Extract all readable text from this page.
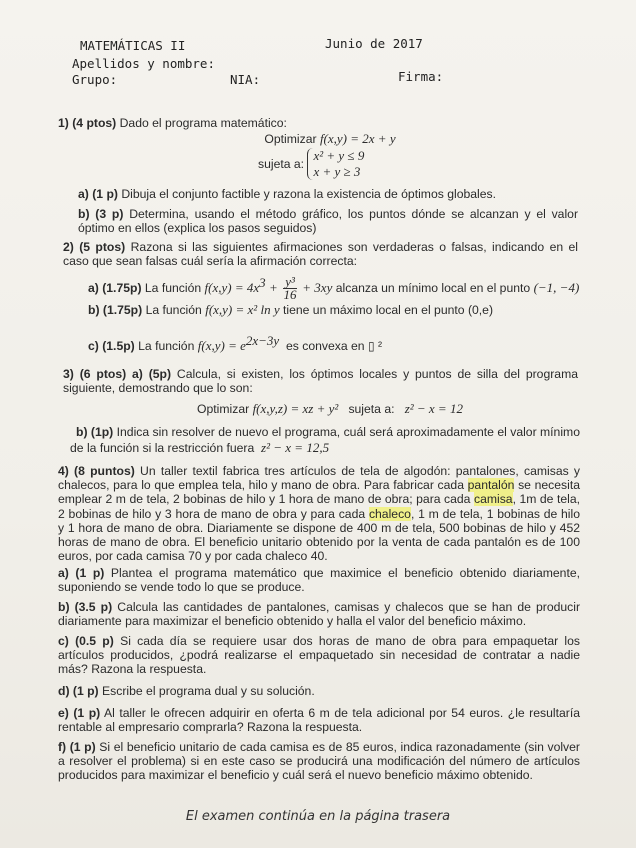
MATEMÁTICAS II	Junio de 2017
Apellidos y nombre:
Grupo:	NIA:	Firma:
1) (4 ptos) Dado el programa matemático:
Optimizar f(x,y) = 2x + y
sujeta a: x² + y ≤ 9
x + y ≥ 3
a) (1 p) Dibuja el conjunto factible y razona la existencia de óptimos globales.
b) (3 p) Determina, usando el método gráfico, los puntos dónde se alcanzan y el valor óptimo en ellos (explica los pasos seguidos)
2) (5 ptos) Razona si las siguientes afirmaciones son verdaderas o falsas, indicando en el caso que sean falsas cuál sería la afirmación correcta:
a) (1.75p) La función $f(x,y) = 4x^3 + \frac{\text{y³}}{16} + 3xy$ alcanza un mínimo local en el punto (−1, −4)
b) (1.75p) La función f(x,y) = x² ln y tiene un máximo local en el punto (0,e)
c) (1.5p) La función $f(x,y) = e^{2x-3y}$ es convexa en ▯ ²
3) (6 ptos) a) (5p) Calcula, si existen, los óptimos locales y puntos de silla del programa siguiente, demostrando que lo son:
Optimizar f(x,y,z) = xz + y² sujeta a: z² − x = 12
b) (1p) Indica sin resolver de nuevo el programa, cuál será aproximadamente el valor mínimo
de la función si la restricción fuera z² − x = 12,5
4) (8 puntos) Un taller textil fabrica tres artículos de tela de algodón: pantalones, camisas y chalecos, para lo que emplea tela, hilo y mano de obra. Para fabricar cada pantalón se necesita emplear 2 m de tela, 2 bobinas de hilo y 1 hora de mano de obra; para cada camisa, 1m de tela, 2 bobinas de hilo y 3 hora de mano de obra y para cada chaleco, 1 m de tela, 1 bobinas de hilo y 1 hora de mano de obra. Diariamente se dispone de 400 m de tela, 500 bobinas de hilo y 452 horas de mano de obra. El beneficio unitario obtenido por la venta de cada pantalón es de 100 euros, por cada camisa 70 y por cada chaleco 40.
a) (1 p) Plantea el programa matemático que maximice el beneficio obtenido diariamente, suponiendo se vende todo lo que se produce.
b) (3.5 p) Calcula las cantidades de pantalones, camisas y chalecos que se han de producir diariamente para maximizar el beneficio obtenido y halla el valor del beneficio máximo.
c) (0.5 p) Si cada día se requiere usar dos horas de mano de obra para empaquetar los artículos producidos, ¿podrá realizarse el empaquetado sin necesidad de contratar a nadie más? Razona la respuesta.
d) (1 p) Escribe el programa dual y su solución.
e) (1 p) Al taller le ofrecen adquirir en oferta 6 m de tela adicional por 54 euros. ¿le resultaría rentable al empresario comprarla? Razona la respuesta.
f) (1 p) Si el beneficio unitario de cada camisa es de 85 euros, indica razonadamente (sin volver a resolver el problema) si en este caso se producirá una modificación del número de artículos producidos para maximizar el beneficio y cuál será el nuevo beneficio máximo obtenido.
El examen continúa en la página trasera
